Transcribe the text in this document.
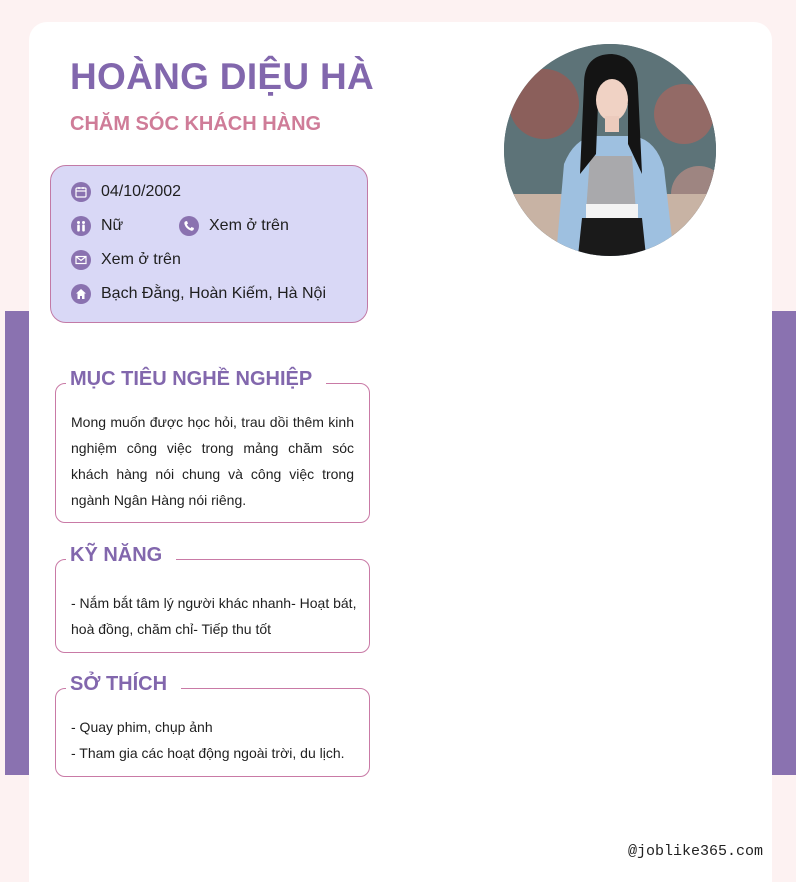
HOÀNG DIỆU HÀ
CHĂM SÓC KHÁCH HÀNG
04/10/2002
Nữ	Xem ở trên
Xem ở trên
Bạch Đằng, Hoàn Kiếm, Hà Nội
MỤC TIÊU NGHỀ NGHIỆP

Mong muốn được học hỏi, trau dồi thêm kinh nghiệm công việc trong mảng chăm sóc khách hàng nói chung và công việc trong ngành Ngân Hàng nói riêng.

KỸ NĂNG

- Nắm bắt tâm lý người khác nhanh- Hoạt bát, hoà đồng, chăm chỉ- Tiếp thu tốt

SỞ THÍCH
- Quay phim, chụp ảnh
- Tham gia các hoạt động ngoài trời, du lịch.
@joblike365.com
